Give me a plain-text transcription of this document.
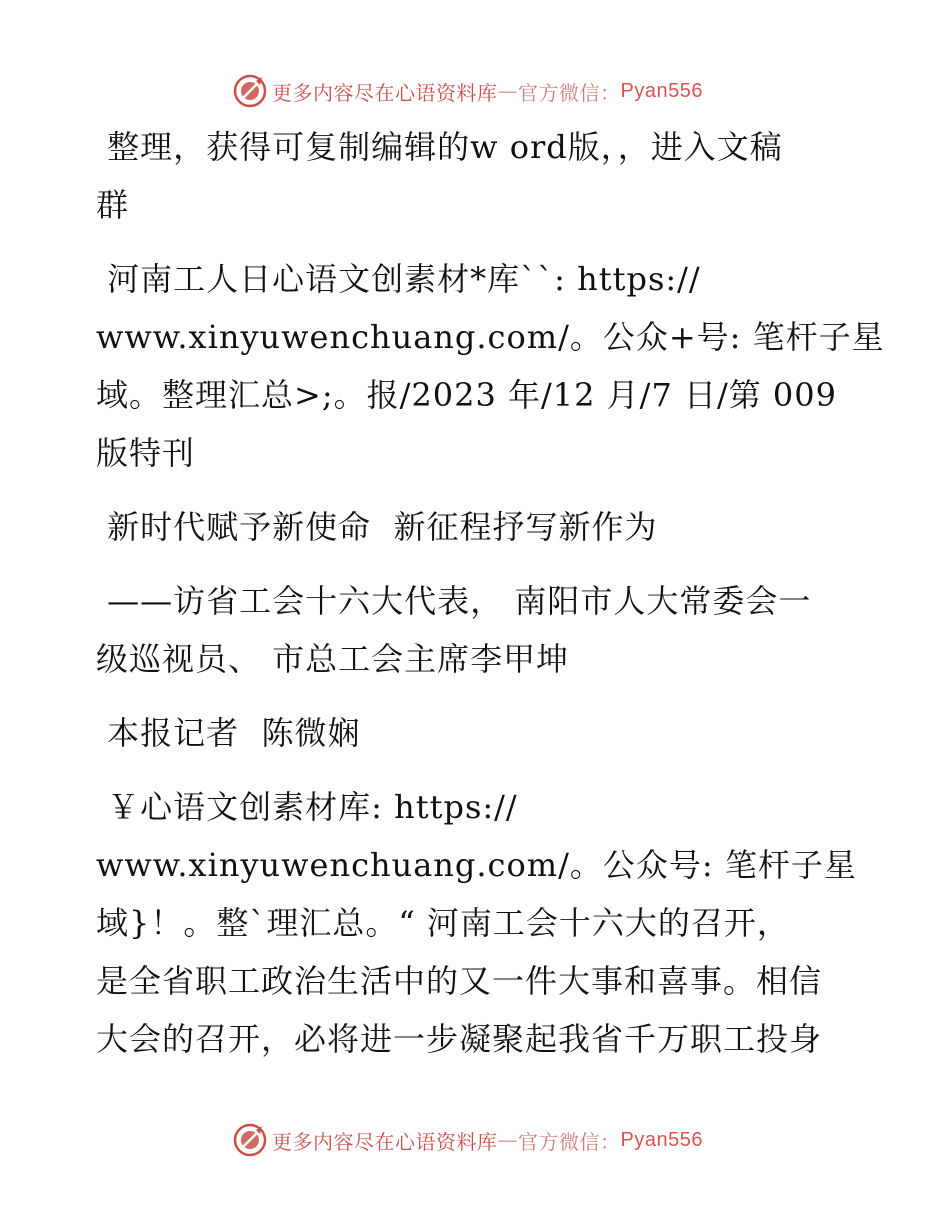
更多内容尽在心语资料库 — 官方微信： Pyan556
整理，获得可复制编辑的w ord版，，进入文稿
群
河南工人日心语文创素材*库``: https://
www.xinyuwenchuang.com/。公众+号: 笔杆子星
域。整理汇总>;。报/2023 年/12 月/7 日/第 009
版特刊
新时代赋予新使命  新征程抒写新作为
——访省工会十六大代表， 南阳市人大常委会一
级巡视员、 市总工会主席李甲坤
本报记者  陈微娴
￥心语文创素材库: https://
www.xinyuwenchuang.com/。公众号: 笔杆子星
域}！。整`理汇总。“ 河南工会十六大的召开，
是全省职工政治生活中的又一件大事和喜事。相信
大会的召开，必将进一步凝聚起我省千万职工投身
更多内容尽在心语资料库 — 官方微信： Pyan556
